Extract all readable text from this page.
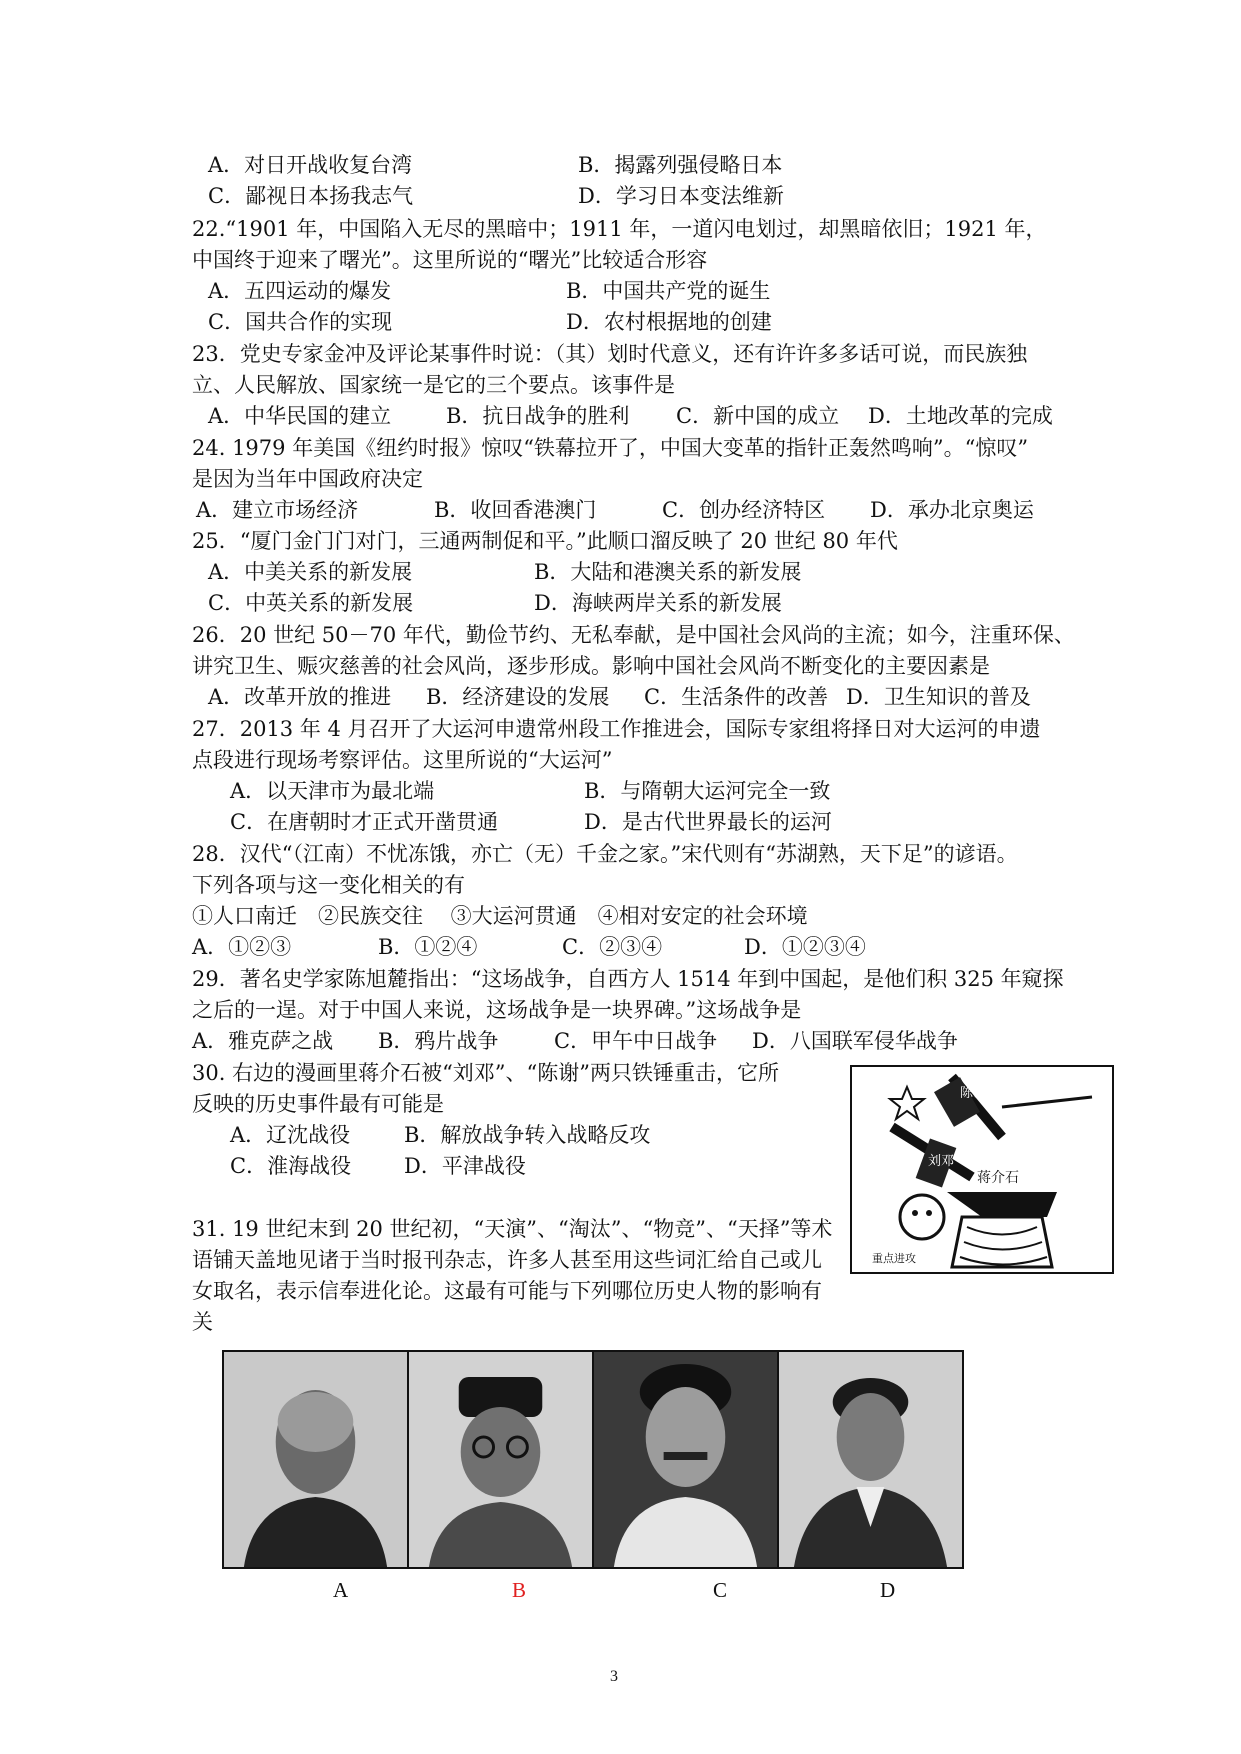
A．对日开战收复台湾	B．揭露列强侵略日本
C．鄙视日本扬我志气	D．学习日本变法维新
22.“1901 年，中国陷入无尽的黑暗中；1911 年，一道闪电划过，却黑暗依旧；1921 年，
中国终于迎来了曙光”。这里所说的“曙光”比较适合形容
A．五四运动的爆发	B．中国共产党的诞生
C．国共合作的实现	D．农村根据地的创建
23．党史专家金冲及评论某事件时说：（其）划时代意义，还有许许多多话可说，而民族独
立、人民解放、国家统一是它的三个要点。该事件是
A．中华民国的建立	B．抗日战争的胜利 C．新中国的成立 D．土地改革的完成
24. 1979 年美国《纽约时报》惊叹“铁幕拉开了，中国大变革的指针正轰然鸣响”。“惊叹”
是因为当年中国政府决定
A．建立市场经济	B．收回香港澳门	C．创办经济特区 D．承办北京奥运
25．“厦门金门门对门，三通两制促和平。”此顺口溜反映了 20 世纪 80 年代
A．中美关系的新发展	B．大陆和港澳关系的新发展
C．中英关系的新发展	D．海峡两岸关系的新发展
26．20 世纪 50－70 年代，勤俭节约、无私奉献，是中国社会风尚的主流；如今，注重环保、
讲究卫生、赈灾慈善的社会风尚，逐步形成。影响中国社会风尚不断变化的主要因素是
A．改革开放的推进 B．经济建设的发展 C．生活条件的改善 D．卫生知识的普及
27．2013 年 4 月召开了大运河申遗常州段工作推进会，国际专家组将择日对大运河的申遗
点段进行现场考察评估。这里所说的“大运河”
A．以天津市为最北端	B．与隋朝大运河完全一致
C．在唐朝时才正式开凿贯通	D．是古代世界最长的运河
28．汉代“（江南）不忧冻饿，亦亡（无）千金之家。”宋代则有“苏湖熟，天下足”的谚语。
下列各项与这一变化相关的有
①人口南迁　②民族交往　 ③大运河贯通　④相对安定的社会环境
A．①②③	B．①②④	C．②③④	D．①②③④
29．著名史学家陈旭麓指出：“这场战争，自西方人 1514 年到中国起，是他们积 325 年窥探
之后的一逞。对于中国人来说，这场战争是一块界碑。”这场战争是
A．雅克萨之战 B．鸦片战争	C．甲午中日战争 D．八国联军侵华战争
30. 右边的漫画里蒋介石被“刘邓”、“陈谢”两只铁锤重击，它所
反映的历史事件最有可能是
A．辽沈战役	B．解放战争转入战略反攻
C．淮海战役	D．平津战役
陈谢
刘邓
蒋介石
重点进攻
31. 19 世纪末到 20 世纪初，“天演”、“淘汰”、“物竞”、“天择”等术
语铺天盖地见诸于当时报刊杂志，许多人甚至用这些词汇给自己或儿
女取名，表示信奉进化论。这最有可能与下列哪位历史人物的影响有
关
A	B	C	D
3
